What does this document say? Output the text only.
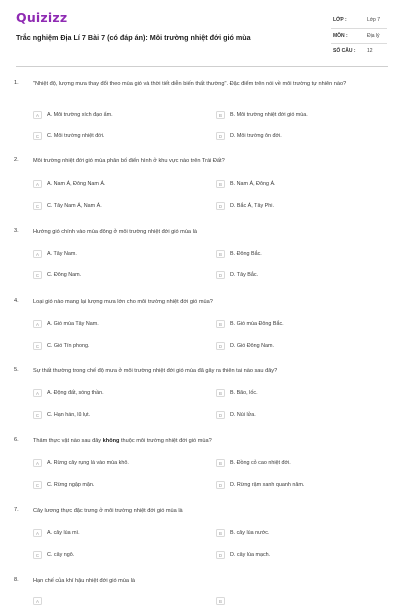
Quizizz
Trắc nghiệm Địa Lí 7 Bài 7 (có đáp án): Môi trường nhiệt đới gió mùa
LỚP :	Lớp 7
MÔN :	Địa lý
SỐ CÂU : 12
1.	"Nhiệt độ, lượng mưa thay đổi theo mùa gió và thời tiết diễn biến thất thường". Đặc điểm trên nói về môi trường tự nhiên nào?
A	A. Môi trường xích đạo ẩm.	B	B. Môi trường nhiệt đới gió mùa.
C	C. Môi trường nhiệt đới.	D	D. Môi trường ôn đới.
2.	Môi trường nhiệt đới gió mùa phân bố điển hình ở khu vực nào trên Trái Đất?
A	A. Nam Á, Đông Nam Á.	B	B. Nam Á, Đông Á.
C	C. Tây Nam Á, Nam Á.	D	D. Bắc Á, Tây Phi.
3.	Hướng gió chính vào mùa đông ở môi trường nhiệt đới gió mùa là
A	A. Tây Nam.	B	B. Đông Bắc.
C	C. Đông Nam.	D	D. Tây Bắc.
4.	Loại gió nào mang lại lượng mưa lớn cho môi trường nhiệt đới gió mùa?
A	A. Gió mùa Tây Nam.	B	B. Gió mùa Đông Bắc.
C	C. Gió Tín phong.	D	D. Gió Đông Nam.
5.	Sự thất thường trong chế độ mưa ở môi trường nhiệt đới gió mùa đã gây ra thiên tai nào sau đây?
A	A. Động đất, sóng thần.	B	B. Bão, lốc.
C	C. Hạn hán, lũ lụt.	D	D. Núi lửa.
6.	Thảm thực vật nào sau đây không thuộc môi trường nhiệt đới gió mùa?
A	A. Rừng cây rụng lá vào mùa khô.	B	B. Đồng cỏ cao nhiệt đới.
C	C. Rừng ngập mặn.	D	D. Rừng rậm xanh quanh năm.
7.	Cây lương thực đặc trưng ở môi trường nhiệt đới gió mùa là
A	A. cây lúa mì.	B	B. cây lúa nước.
C	C. cây ngô.	D	D. cây lúa mạch.
8.	Hạn chế của khí hậu nhiệt đới gió mùa là
A	B
